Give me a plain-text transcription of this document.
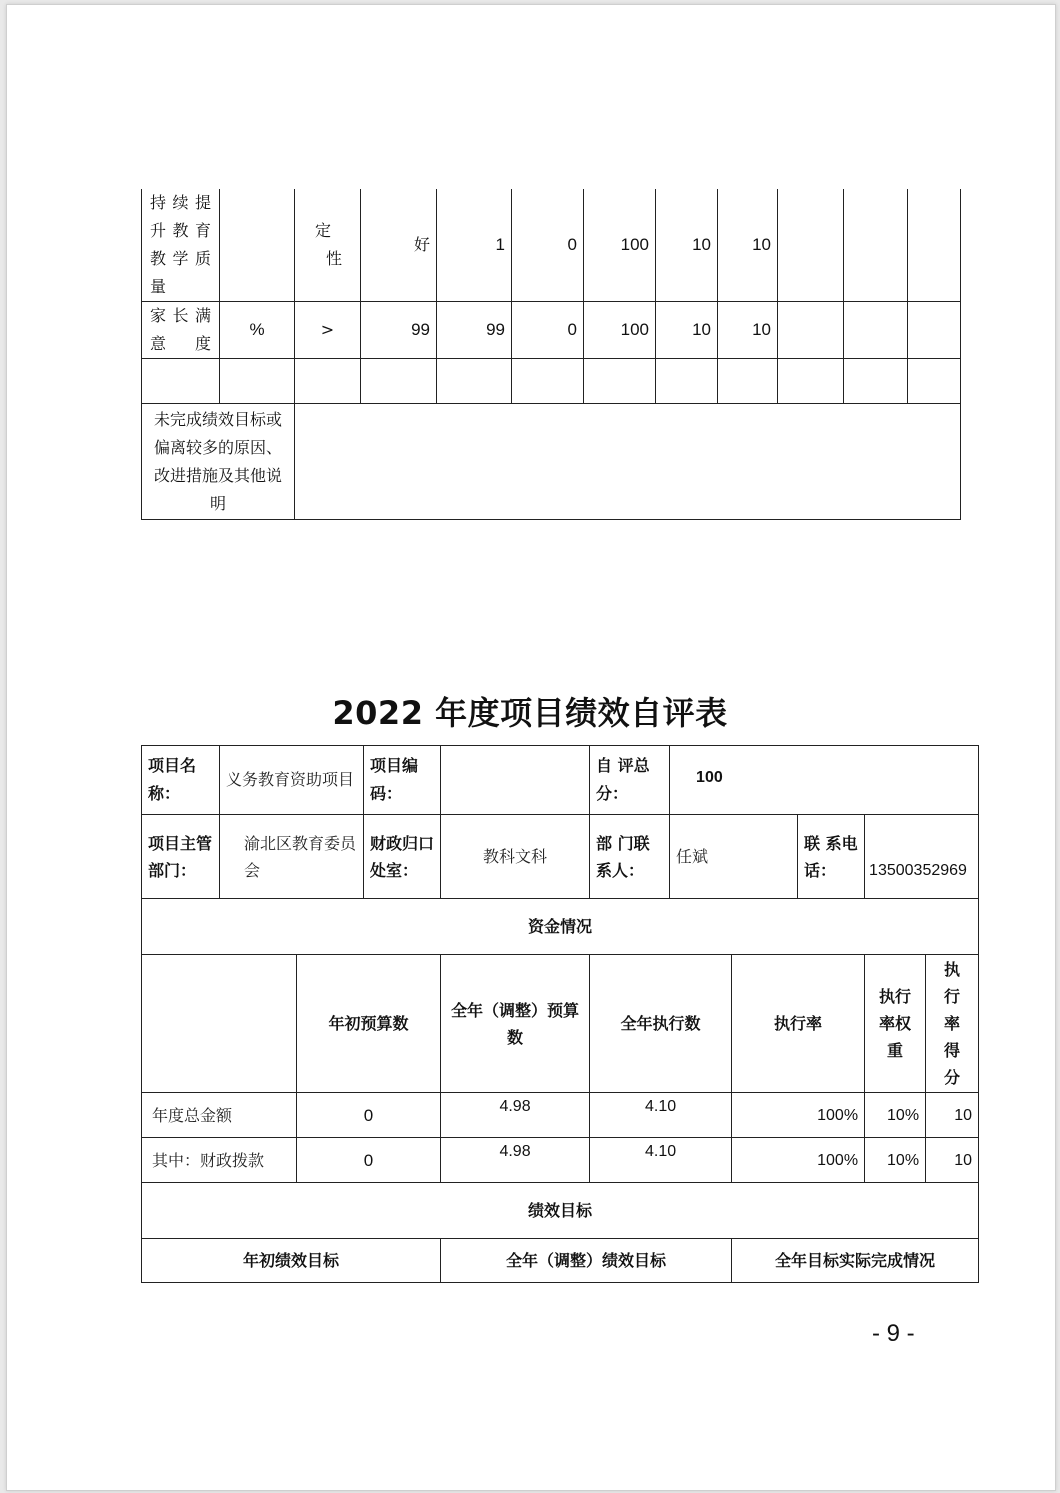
持续提升教育教学质量		定性	好	1	0	100	10	10			
家长满意度	%	>	99	99	0	100	10	10			

未完成绩效目标或偏离较多的原因、改进措施及其他说明											
2022 年度项目绩效自评表
项目名称：	义务教育资助项目		项目编码：		自 评总分：	100				
项目主管 部门：	渝北区教育委员会		财政归口 处室：	教科文科	部 门联 系人：	任斌		联 系电话：	13500352969	
资金情况										
		年初预算数		全年（调整）预算数	全年执行数		执行率		执行率权重	执行率得分
年度总金额		0		4.98	4.10		100%		10%	10
其中：财政拨款		0		4.98	4.10		100%		10%	10
绩效目标										
年初绩效目标				全年（调整）绩效目标			全年目标实际完成情况			
- 9 -
